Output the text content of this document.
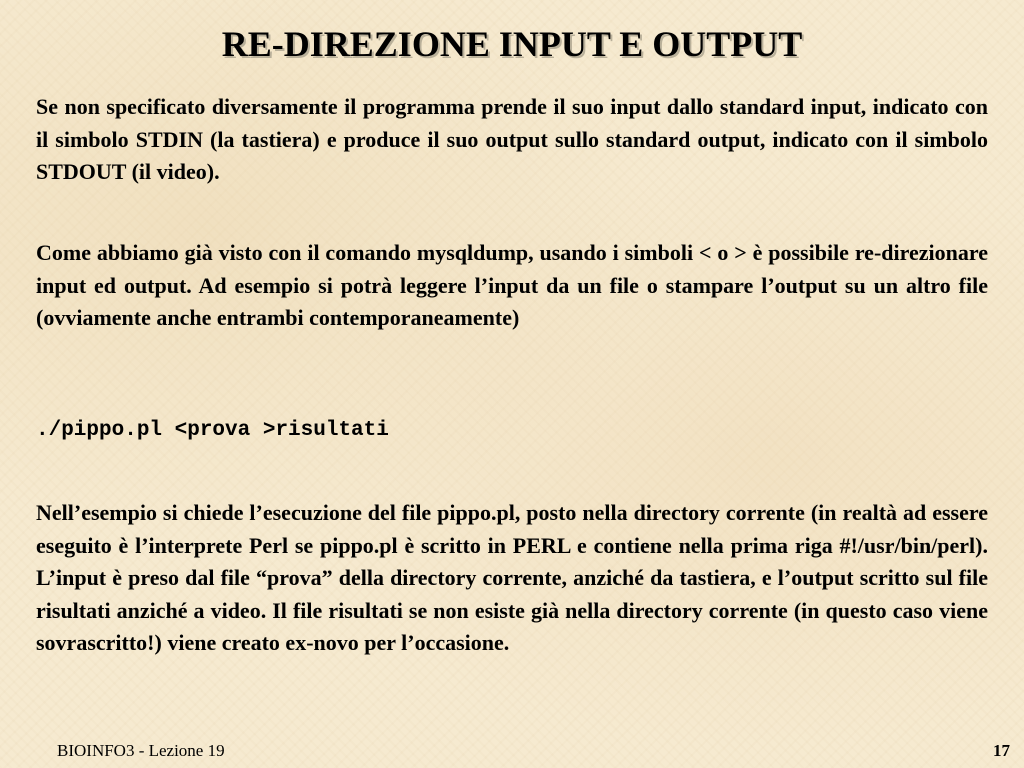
RE-DIREZIONE INPUT E OUTPUT

Se non specificato diversamente il programma prende il suo input dallo standard input, indicato con il simbolo STDIN (la tastiera) e produce il suo output sullo standard output, indicato con il simbolo STDOUT (il video).

Come abbiamo già visto con il comando mysqldump, usando i simboli < o > è possibile re-direzionare input ed output. Ad esempio si potrà leggere l’input da un file o stampare l’output su un altro file (ovviamente anche entrambi contemporaneamente)

./pippo.pl <prova >risultati

Nell’esempio si chiede l’esecuzione del file pippo.pl, posto nella directory corrente (in realtà ad essere eseguito è l’interprete Perl se pippo.pl è scritto in PERL e contiene nella prima riga #!/usr/bin/perl). L’input è preso dal file “prova” della directory corrente, anziché da tastiera, e l’output scritto sul file risultati anziché a video. Il file risultati se non esiste già nella directory corrente (in questo caso viene sovrascritto!) viene creato ex-novo per l’occasione.

BIOINFO3 - Lezione 19	17
